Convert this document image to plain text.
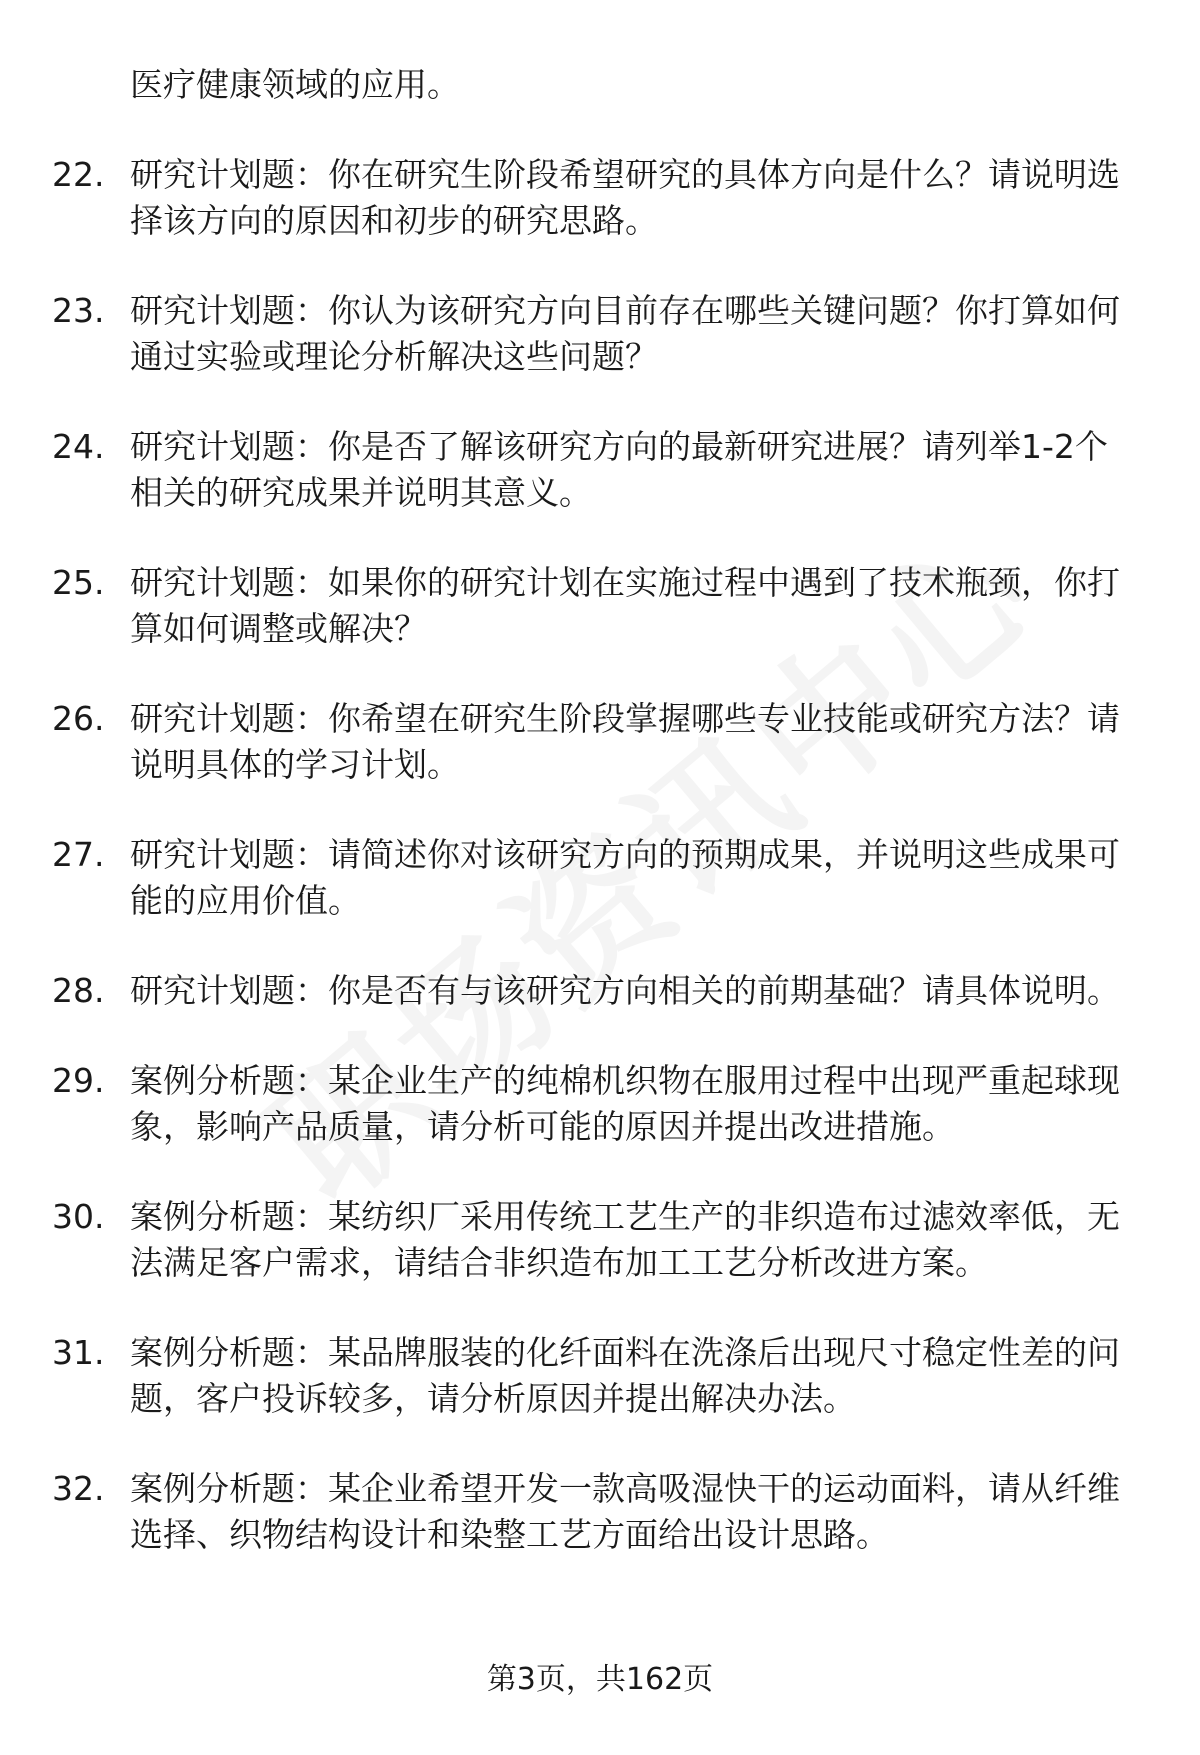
医疗健康领域的应用。
22. 研究计划题：你在研究生阶段希望研究的具体方向是什么？请说明选择该方向的原因和初步的研究思路。
23. 研究计划题：你认为该研究方向目前存在哪些关键问题？你打算如何通过实验或理论分析解决这些问题？
24. 研究计划题：你是否了解该研究方向的最新研究进展？请列举1-2个相关的研究成果并说明其意义。
25. 研究计划题：如果你的研究计划在实施过程中遇到了技术瓶颈，你打算如何调整或解决？
26. 研究计划题：你希望在研究生阶段掌握哪些专业技能或研究方法？请说明具体的学习计划。
27. 研究计划题：请简述你对该研究方向的预期成果，并说明这些成果可能的应用价值。
28. 研究计划题：你是否有与该研究方向相关的前期基础？请具体说明。
29. 案例分析题：某企业生产的纯棉机织物在服用过程中出现严重起球现象，影响产品质量，请分析可能的原因并提出改进措施。
30. 案例分析题：某纺织厂采用传统工艺生产的非织造布过滤效率低，无法满足客户需求，请结合非织造布加工工艺分析改进方案。
31. 案例分析题：某品牌服装的化纤面料在洗涤后出现尺寸稳定性差的问题，客户投诉较多，请分析原因并提出解决办法。
32. 案例分析题：某企业希望开发一款高吸湿快干的运动面料，请从纤维选择、织物结构设计和染整工艺方面给出设计思路。
第3页，共162页
